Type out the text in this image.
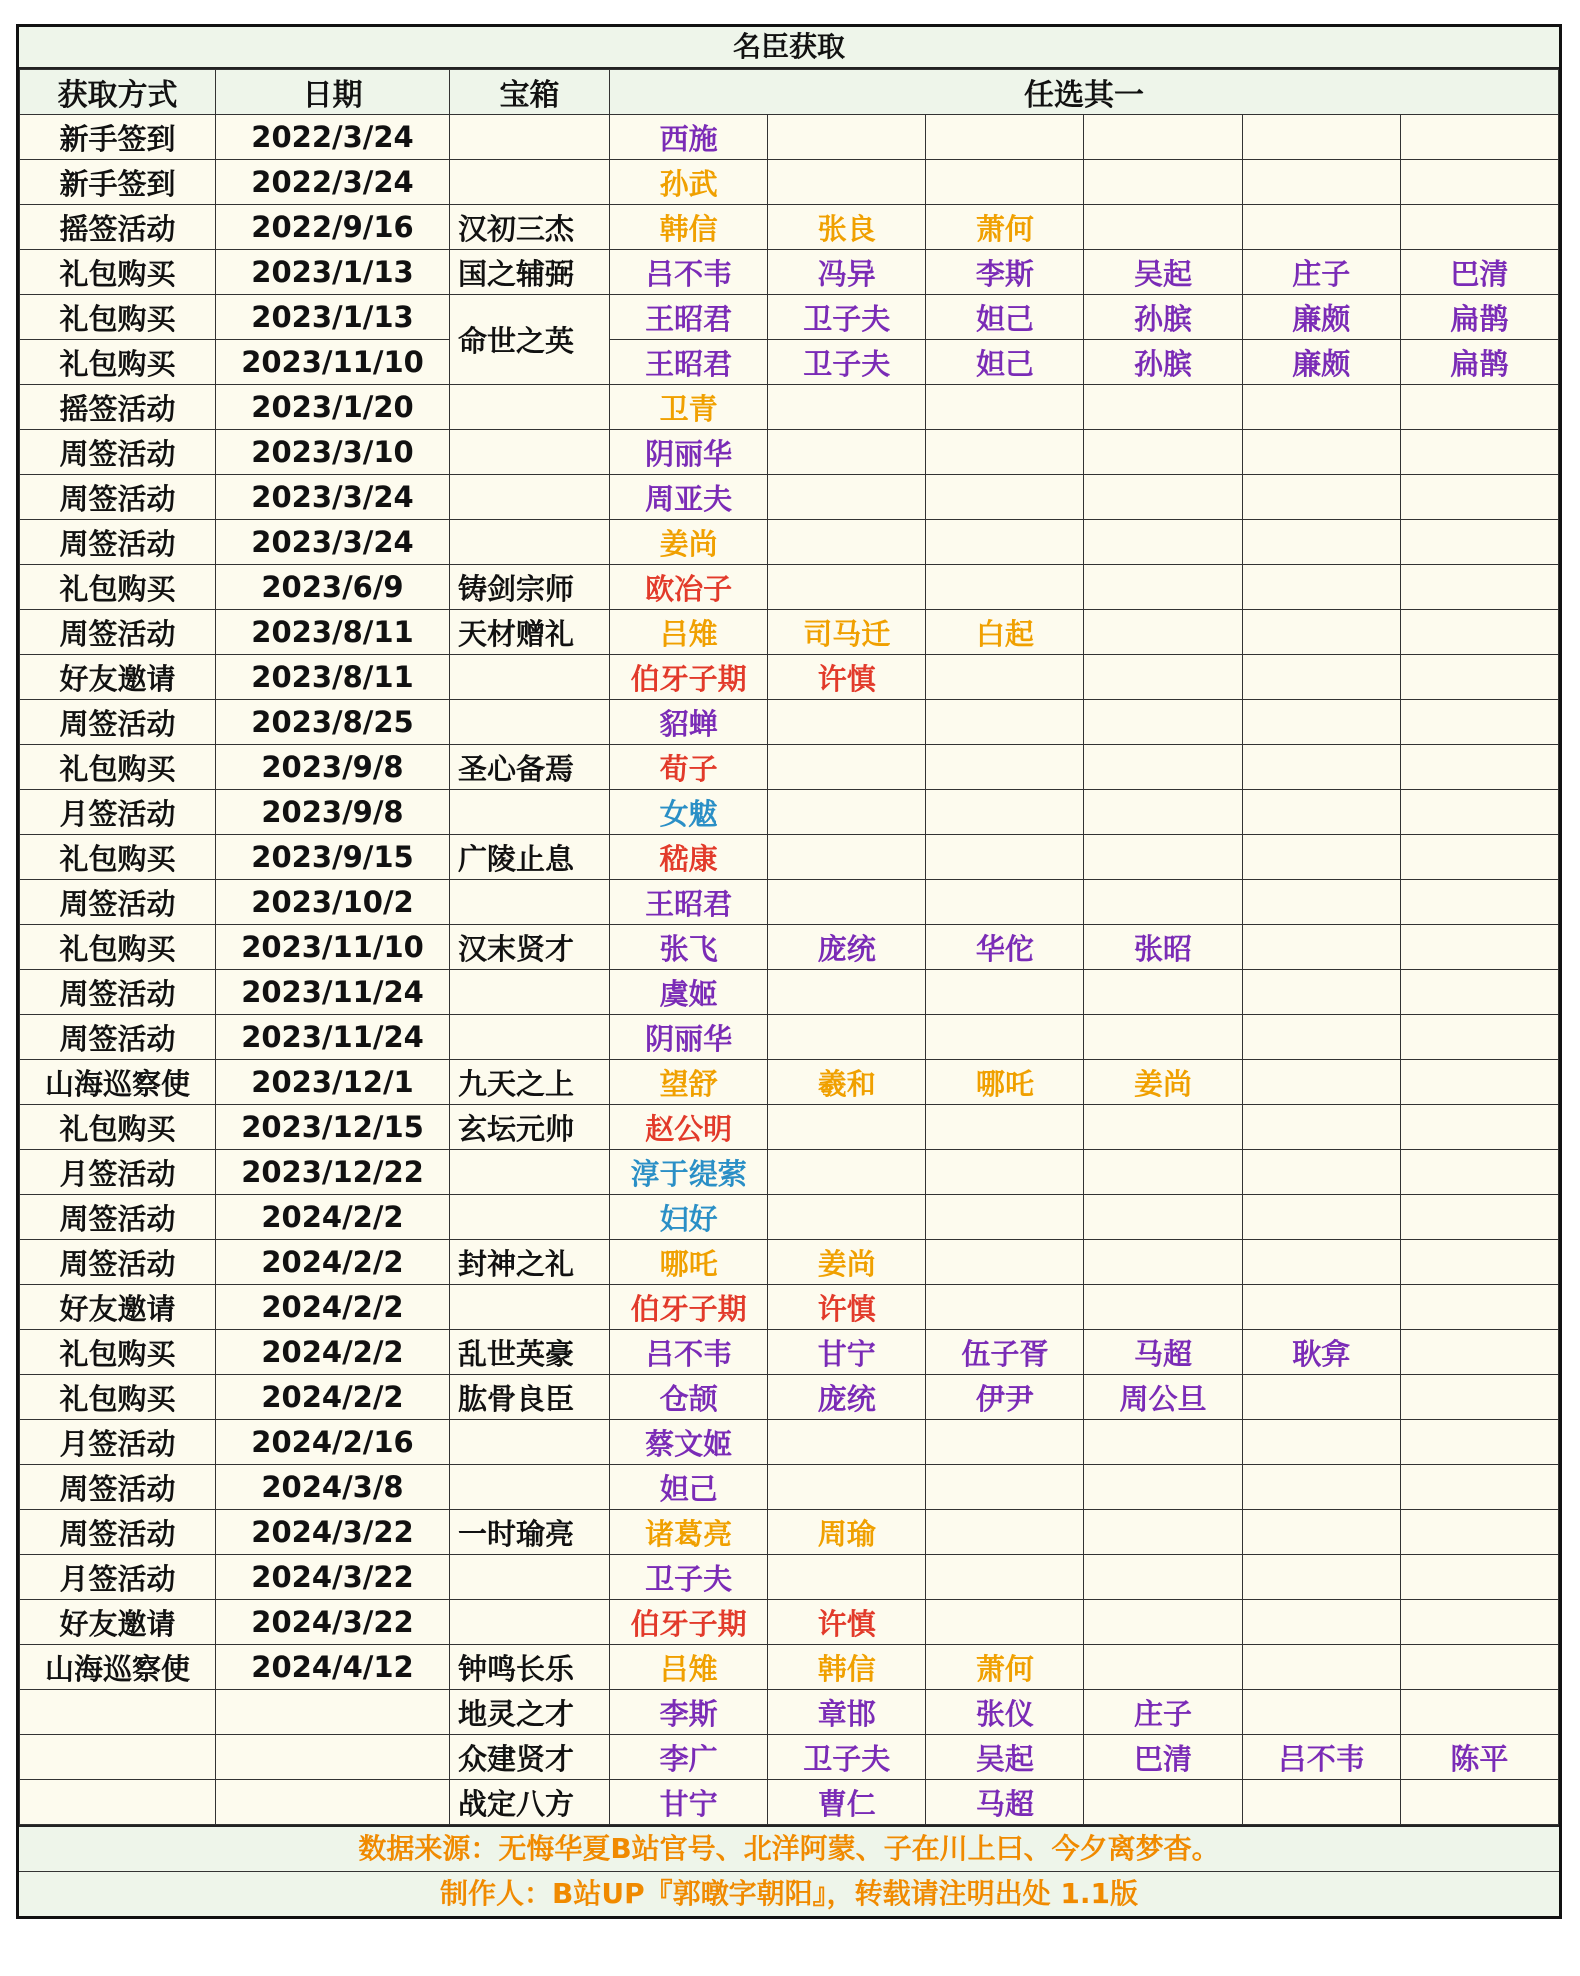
名臣获取
获取方式	日期	宝箱	任选其一					
新手签到	2022/3/24		西施					
新手签到	2022/3/24		孙武					
摇签活动	2022/9/16	汉初三杰	韩信	张良	萧何			
礼包购买	2023/1/13	国之辅弼	吕不韦	冯异	李斯	吴起	庄子	巴清
礼包购买	2023/1/13	命世之英	王昭君	卫子夫	妲己	孙膑	廉颇	扁鹊
礼包购买	2023/11/10		王昭君	卫子夫	妲己	孙膑	廉颇	扁鹊
摇签活动	2023/1/20		卫青					
周签活动	2023/3/10		阴丽华					
周签活动	2023/3/24		周亚夫					
周签活动	2023/3/24		姜尚					
礼包购买	2023/6/9	铸剑宗师	欧冶子					
周签活动	2023/8/11	天材赠礼	吕雉	司马迁	白起			
好友邀请	2023/8/11		伯牙子期	许慎				
周签活动	2023/8/25		貂蝉					
礼包购买	2023/9/8	圣心备焉	荀子					
月签活动	2023/9/8		女魃					
礼包购买	2023/9/15	广陵止息	嵇康					
周签活动	2023/10/2		王昭君					
礼包购买	2023/11/10	汉末贤才	张飞	庞统	华佗	张昭		
周签活动	2023/11/24		虞姬					
周签活动	2023/11/24		阴丽华					
山海巡察使	2023/12/1	九天之上	望舒	羲和	哪吒	姜尚		
礼包购买	2023/12/15	玄坛元帅	赵公明					
月签活动	2023/12/22		淳于缇萦					
周签活动	2024/2/2		妇好					
周签活动	2024/2/2	封神之礼	哪吒	姜尚				
好友邀请	2024/2/2		伯牙子期	许慎				
礼包购买	2024/2/2	乱世英豪	吕不韦	甘宁	伍子胥	马超	耿弇	
礼包购买	2024/2/2	肱骨良臣	仓颉	庞统	伊尹	周公旦		
月签活动	2024/2/16		蔡文姬					
周签活动	2024/3/8		妲己					
周签活动	2024/3/22	一时瑜亮	诸葛亮	周瑜				
月签活动	2024/3/22		卫子夫					
好友邀请	2024/3/22		伯牙子期	许慎				
山海巡察使	2024/4/12	钟鸣长乐	吕雉	韩信	萧何			
		地灵之才	李斯	章邯	张仪	庄子		
		众建贤才	李广	卫子夫	吴起	巴清	吕不韦	陈平
		战定八方	甘宁	曹仁	马超			
数据来源：无悔华夏B站官号、北洋阿蒙、子在川上曰、今夕离梦杳。
制作人：B站UP『郭暾字朝阳』，转载请注明出处 1.1版
